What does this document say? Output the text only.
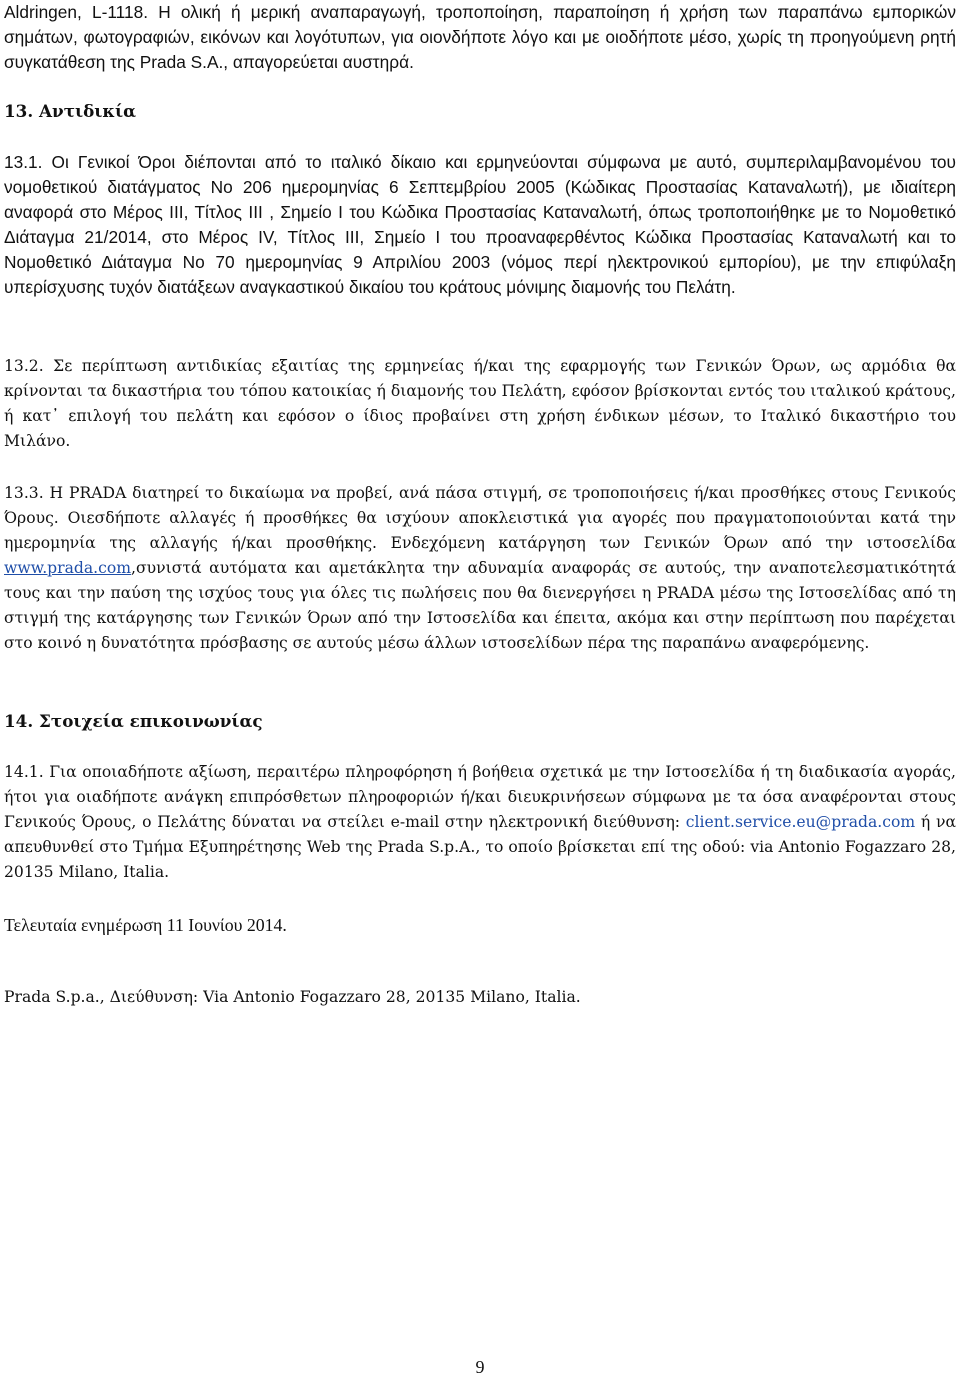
Aldringen, L-1118. Η ολική ή μερική αναπαραγωγή, τροποποίηση, παραποίηση ή χρήση των παραπάνω εμπορικών σημάτων, φωτογραφιών, εικόνων και λογότυπων, για οιονδήποτε λόγο και με οιοδήποτε μέσο, χωρίς τη προηγούμενη ρητή συγκατάθεση της Prada S.A., απαγορεύεται αυστηρά.

13. Αντιδικία

13.1. Οι Γενικοί Όροι διέπονται από το ιταλικό δίκαιο και ερμηνεύονται σύμφωνα με αυτό, συμπεριλαμβανομένου του νομοθετικού διατάγματος Νο 206 ημερομηνίας 6 Σεπτεμβρίου 2005 (Κώδικας Προστασίας Καταναλωτή), με ιδιαίτερη αναφορά στο Μέρος ΙΙΙ, Τίτλος ΙΙΙ , Σημείο Ι του Κώδικα Προστασίας Καταναλωτή, όπως τροποποιήθηκε με το Νομοθετικό Διάταγμα 21/2014, στο Μέρος IV, Τίτλος ΙΙΙ, Σημείο Ι του προαναφερθέντος Κώδικα Προστασίας Καταναλωτή και το Νομοθετικό Διάταγμα Νο 70 ημερομηνίας 9 Απριλίου 2003 (νόμος περί ηλεκτρονικού εμπορίου), με την επιφύλαξη υπερίσχυσης τυχόν διατάξεων αναγκαστικού δικαίου του κράτους μόνιμης διαμονής του Πελάτη.

13.2. Σε περίπτωση αντιδικίας εξαιτίας της ερμηνείας ή/και της εφαρμογής των Γενικών Όρων, ως αρμόδια θα κρίνονται τα δικαστήρια του τόπου κατοικίας ή διαμονής του Πελάτη, εφόσον βρίσκονται εντός του ιταλικού κράτους, ή κατ᾽ επιλογή του πελάτη και εφόσον ο ίδιος προβαίνει στη χρήση ένδικων μέσων, το Ιταλικό δικαστήριο του Μιλάνο.

13.3. Η PRADA διατηρεί το δικαίωμα να προβεί, ανά πάσα στιγμή, σε τροποποιήσεις ή/και προσθήκες στους Γενικούς Όρους. Οιεσδήποτε αλλαγές ή προσθήκες θα ισχύουν αποκλειστικά για αγορές που πραγματοποιούνται κατά την ημερομηνία της αλλαγής ή/και προσθήκης. Ενδεχόμενη κατάργηση των Γενικών Όρων από την ιστοσελίδα www.prada.com,συνιστά αυτόματα και αμετάκλητα την αδυναμία αναφοράς σε αυτούς, την αναποτελεσματικότητά τους και την παύση της ισχύος τους για όλες τις πωλήσεις που θα διενεργήσει η PRADA μέσω της Ιστοσελίδας από τη στιγμή της κατάργησης των Γενικών Όρων από την Ιστοσελίδα και έπειτα, ακόμα και στην περίπτωση που παρέχεται στο κοινό η δυνατότητα πρόσβασης σε αυτούς μέσω άλλων ιστοσελίδων πέρα της παραπάνω αναφερόμενης.

14. Στοιχεία επικοινωνίας

14.1. Για οποιαδήποτε αξίωση, περαιτέρω πληροφόρηση ή βοήθεια σχετικά με την Ιστοσελίδα ή τη διαδικασία αγοράς, ήτοι για οιαδήποτε ανάγκη επιπρόσθετων πληροφοριών ή/και διευκρινήσεων σύμφωνα με τα όσα αναφέρονται στους Γενικούς Όρους, ο Πελάτης δύναται να στείλει e-mail στην ηλεκτρονική διεύθυνση: client.service.eu@prada.com ή να απευθυνθεί στο Τμήμα Εξυπηρέτησης Web της Prada S.p.A., το οποίο βρίσκεται επί της οδού: via Antonio Fogazzaro 28, 20135 Milano, Italia.

Τελευταία ενημέρωση 11 Ιουνίου 2014.

Prada S.p.a., Διεύθυνση: Via Antonio Fogazzaro 28, 20135 Milano, Italia.

9
